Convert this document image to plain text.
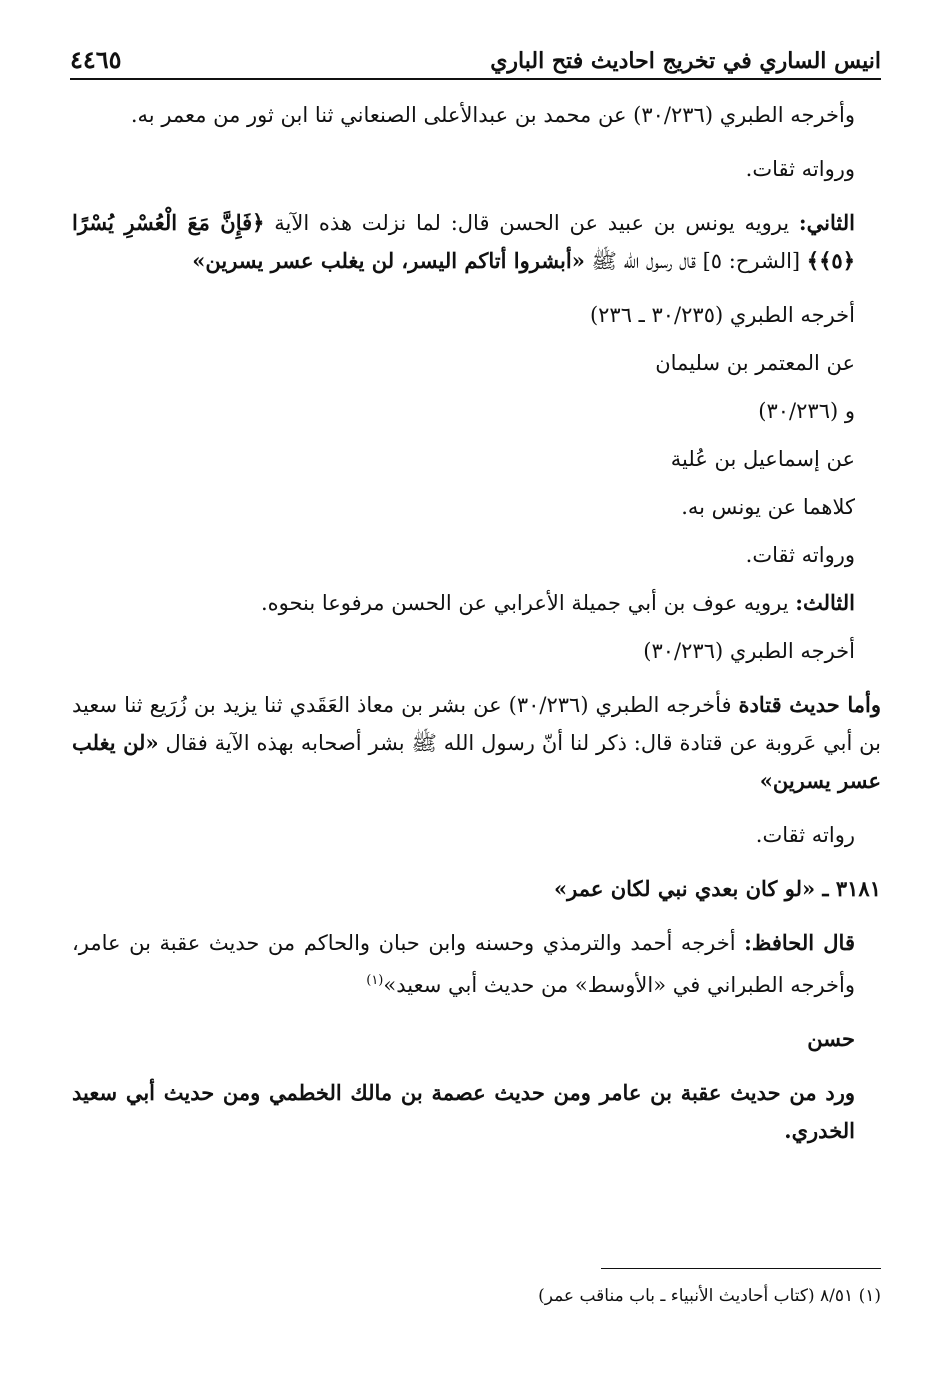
انيس الساري في تخريج احاديث فتح الباري
٤٤٦٥

وأخرجه الطبري (٣٠/٢٣٦) عن محمد بن عبدالأعلى الصنعاني ثنا ابن ثور من معمر به.

ورواته ثقات.

الثاني: يرويه يونس بن عبيد عن الحسن قال: لما نزلت هذه الآية ﴿فَإِنَّ مَعَ الْعُسْرِ يُسْرًا ﴿٥﴾﴾ [الشرح: ٥] قال رسول الله ﷺ «أبشروا أتاكم اليسر، لن يغلب عسر يسرين»

أخرجه الطبري (٣٠/٢٣٥ ـ ٢٣٦)

عن المعتمر بن سليمان

و (٣٠/٢٣٦)

عن إسماعيل بن عُلية

كلاهما عن يونس به.

ورواته ثقات.

الثالث: يرويه عوف بن أبي جميلة الأعرابي عن الحسن مرفوعا بنحوه.

أخرجه الطبري (٣٠/٢٣٦)

وأما حديث قتادة فأخرجه الطبري (٣٠/٢٣٦) عن بشر بن معاذ العَقَدي ثنا يزيد بن زُرَيع ثنا سعيد بن أبي عَروبة عن قتادة قال: ذكر لنا أنّ رسول الله ﷺ بشر أصحابه بهذه الآية فقال «لن يغلب عسر يسرين»

رواته ثقات.

٣١٨١ ـ «لو كان بعدي نبي لكان عمر»

قال الحافظ: أخرجه أحمد والترمذي وحسنه وابن حبان والحاكم من حديث عقبة بن عامر، وأخرجه الطبراني في «الأوسط» من حديث أبي سعيد»$^{(١)}$

حسن

ورد من حديث عقبة بن عامر ومن حديث عصمة بن مالك الخطمي ومن حديث أبي سعيد الخدري.

(١) ٨/٥١ (كتاب أحاديث الأنبياء ـ باب مناقب عمر)
